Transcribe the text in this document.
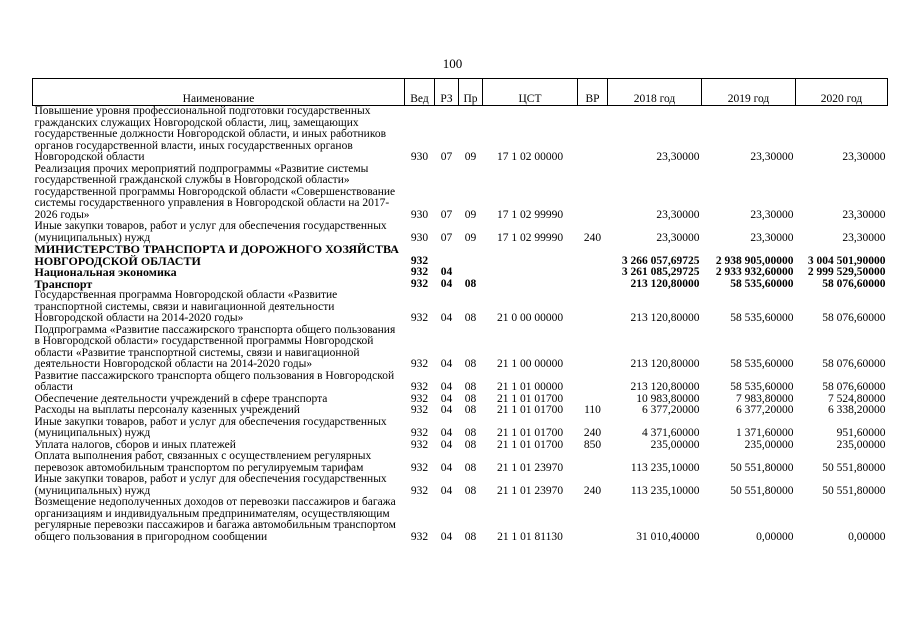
100
Наименование	Вед	РЗ	Пр	ЦСТ	ВР	2018 год	2019 год	2020 год
Повышение уровня профессиональной подготовки государственных гражданских служащих Новгородской области, лиц, замещающих государственные должности Новгородской области, и иных работников органов государственной власти, иных государственных органов Новгородской области	930	07	09	17 1 02 00000		23,30000	23,30000	23,30000
Реализация прочих мероприятий подпрограммы «Развитие системы государственной гражданской службы в Новгородской области» государственной программы Новгородской области «Совершенствование системы государственного управления в Новгородской области на 2017-2026 годы»	930	07	09	17 1 02 99990		23,30000	23,30000	23,30000
Иные закупки товаров, работ и услуг для обеспечения государственных (муниципальных) нужд	930	07	09	17 1 02 99990	240	23,30000	23,30000	23,30000
МИНИСТЕРСТВО ТРАНСПОРТА И ДОРОЖНОГО ХОЗЯЙСТВА НОВГОРОДСКОЙ ОБЛАСТИ	932					3 266 057,69725	2 938 905,00000	3 004 501,90000
Национальная экономика	932	04				3 261 085,29725	2 933 932,60000	2 999 529,50000
Транспорт	932	04	08			213 120,80000	58 535,60000	58 076,60000
Государственная программа Новгородской области «Развитие транспортной системы, связи и навигационной деятельности Новгородской области на 2014-2020 годы»	932	04	08	21 0 00 00000		213 120,80000	58 535,60000	58 076,60000
Подпрограмма «Развитие пассажирского транспорта общего пользования в Новгородской области» государственной программы Новгородской области «Развитие транспортной системы, связи и навигационной деятельности Новгородской области на 2014-2020 годы»	932	04	08	21 1 00 00000		213 120,80000	58 535,60000	58 076,60000
Развитие пассажирского транспорта общего пользования в Новгородской области	932	04	08	21 1 01 00000		213 120,80000	58 535,60000	58 076,60000
Обеспечение деятельности учреждений в сфере транспорта	932	04	08	21 1 01 01700		10 983,80000	7 983,80000	7 524,80000
Расходы на выплаты персоналу казенных учреждений	932	04	08	21 1 01 01700	110	6 377,20000	6 377,20000	6 338,20000
Иные закупки товаров, работ и услуг для обеспечения государственных (муниципальных) нужд	932	04	08	21 1 01 01700	240	4 371,60000	1 371,60000	951,60000
Уплата налогов, сборов и иных платежей	932	04	08	21 1 01 01700	850	235,00000	235,00000	235,00000
Оплата выполнения работ, связанных с осуществлением регулярных перевозок автомобильным транспортом по регулируемым тарифам	932	04	08	21 1 01 23970		113 235,10000	50 551,80000	50 551,80000
Иные закупки товаров, работ и услуг для обеспечения государственных (муниципальных) нужд	932	04	08	21 1 01 23970	240	113 235,10000	50 551,80000	50 551,80000
Возмещение недополученных доходов от перевозки пассажиров и багажа организациям и индивидуальным предпринимателям, осуществляющим регулярные перевозки пассажиров и багажа автомобильным транспортом общего пользования в пригородном сообщении	932	04	08	21 1 01 81130		31 010,40000	0,00000	0,00000
